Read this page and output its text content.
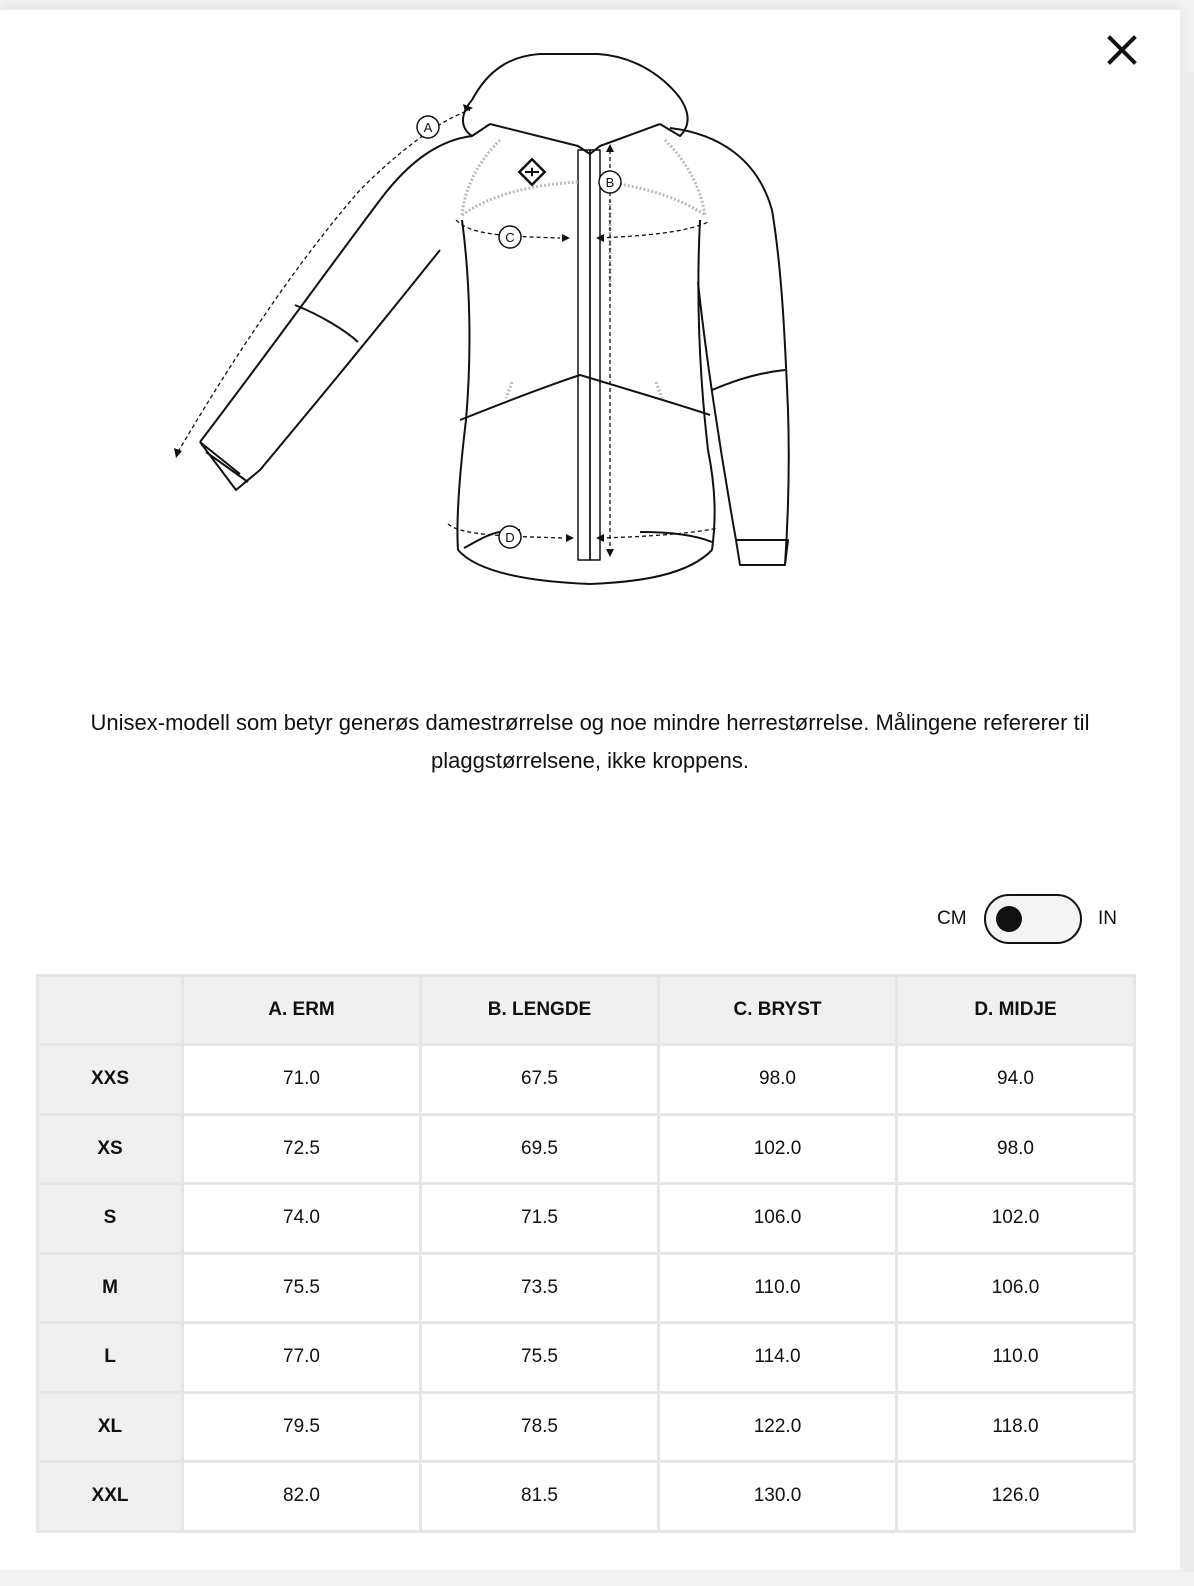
A
B
C
D

Unisex-modell som betyr generøs damestrørrelse og noe mindre herrestørrelse. Målingene refererer til plaggstørrelsene, ikke kroppens.

CM	IN
	A. ERM	B. LENGDE	C. BRYST	D. MIDJE
XXS	71.0	67.5	98.0	94.0
XS	72.5	69.5	102.0	98.0
S	74.0	71.5	106.0	102.0
M	75.5	73.5	110.0	106.0
L	77.0	75.5	114.0	110.0
XL	79.5	78.5	122.0	118.0
XXL	82.0	81.5	130.0	126.0
